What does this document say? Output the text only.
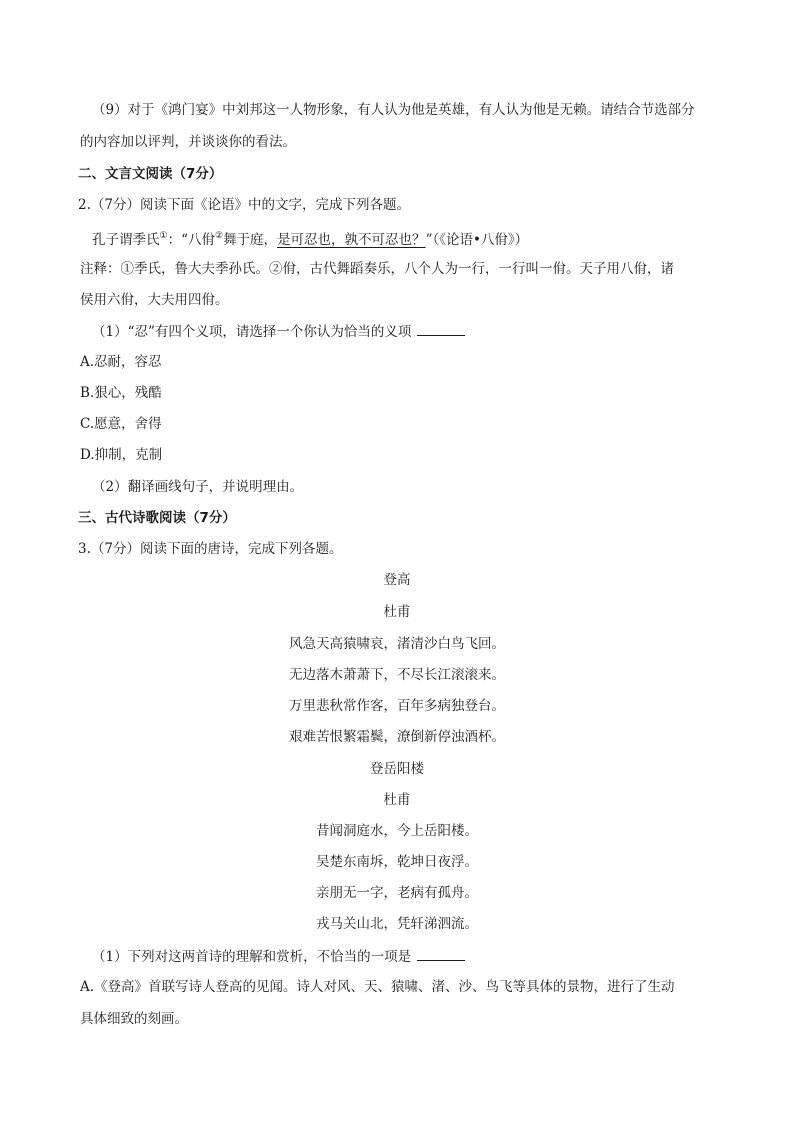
（9）对于《鸿门宴》中刘邦这一人物形象，有人认为他是英雄，有人认为他是无赖。请结合节选部分
的内容加以评判，并谈谈你的看法。
二、文言文阅读（7分）
2.（7分）阅读下面《论语》中的文字，完成下列各题。
孔子谓季氏①：“八佾②舞于庭，是可忍也，孰不可忍也？”（《论语•八佾》）
注释：①季氏，鲁大夫季孙氏。②佾，古代舞蹈奏乐，八个人为一行，一行叫一佾。天子用八佾，诸
侯用六佾，大夫用四佾。
（1）“忍”有四个义项，请选择一个你认为恰当的义项
A.忍耐，容忍
B.狠心，残酷
C.愿意，舍得
D.抑制，克制
（2）翻译画线句子，并说明理由。
三、古代诗歌阅读（7分）
3.（7分）阅读下面的唐诗，完成下列各题。
登高
杜甫
风急天高猿啸哀，渚清沙白鸟飞回。
无边落木萧萧下，不尽长江滚滚来。
万里悲秋常作客，百年多病独登台。
艰难苦恨繁霜鬓，潦倒新停浊酒杯。
登岳阳楼
杜甫
昔闻洞庭水，今上岳阳楼。
吴楚东南坼，乾坤日夜浮。
亲朋无一字，老病有孤舟。
戎马关山北，凭轩涕泗流。
（1）下列对这两首诗的理解和赏析，不恰当的一项是
A.《登高》首联写诗人登高的见闻。诗人对风、天、猿啸、渚、沙、鸟飞等具体的景物，进行了生动
具体细致的刻画。
